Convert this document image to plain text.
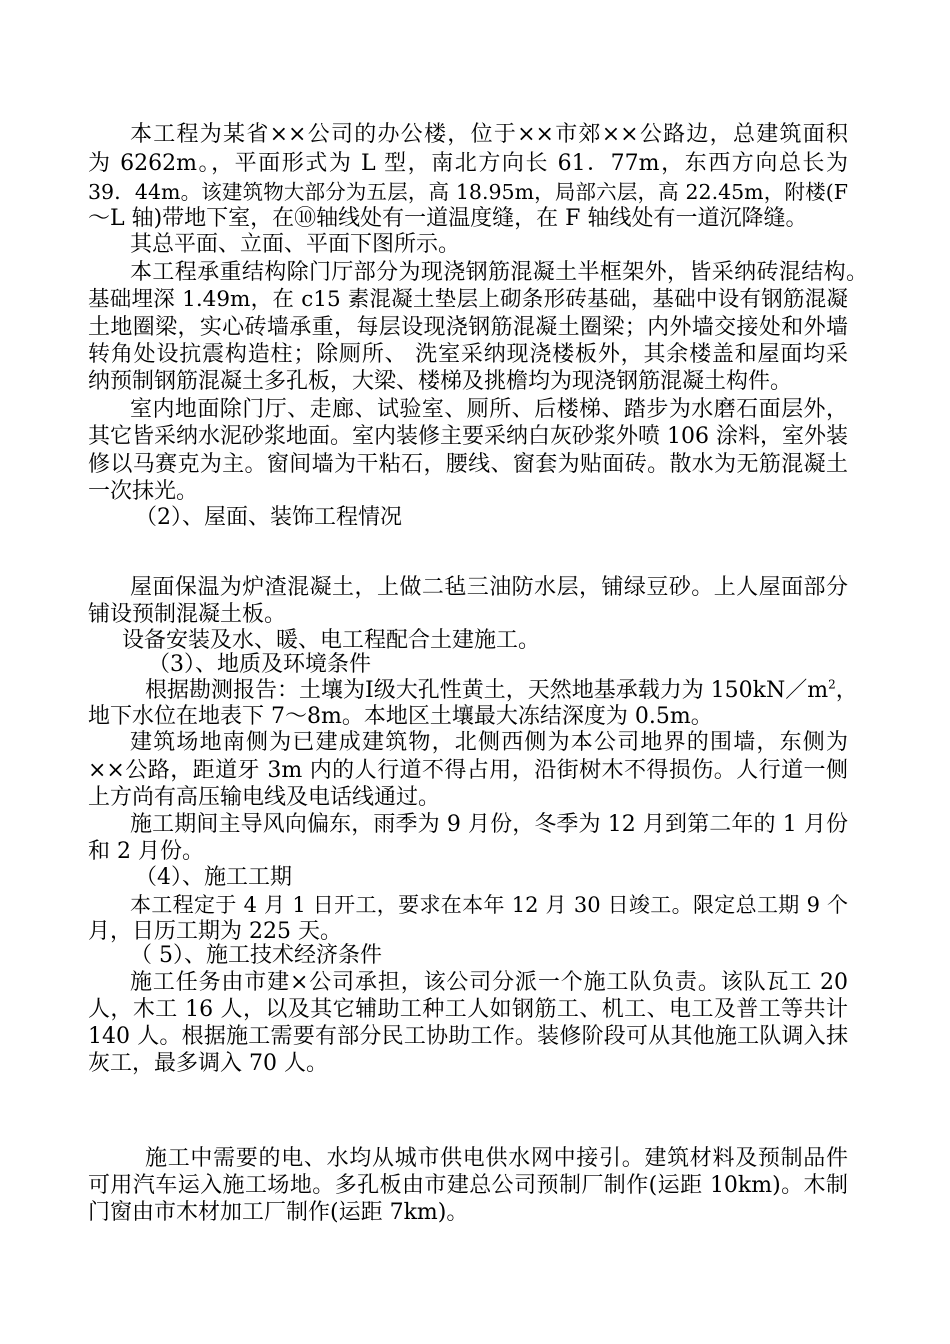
本工程为某省××公司的办公楼，位于××市郊××公路边，总建筑面积
为 6262m。，平面形式为 L 型，南北方向长 61．77m，东西方向总长为
39．44m。该建筑物大部分为五层，高 18.95m，局部六层，高 22.45m，附楼(F
～L 轴)带地下室，在⑩轴线处有一道温度缝，在 F 轴线处有一道沉降缝。
其总平面、立面、平面下图所示。
本工程承重结构除门厅部分为现浇钢筋混凝土半框架外，皆采纳砖混结构。
基础埋深 1.49m，在 c15 素混凝土垫层上砌条形砖基础，基础中设有钢筋混凝
土地圈梁，实心砖墙承重，每层设现浇钢筋混凝土圈梁；内外墙交接处和外墙
转角处设抗震构造柱；除厕所、 洗室采纳现浇楼板外，其余楼盖和屋面均采
纳预制钢筋混凝土多孔板，大梁、楼梯及挑檐均为现浇钢筋混凝土构件。
室内地面除门厅、走廊、试验室、厕所、后楼梯、踏步为水磨石面层外，
其它皆采纳水泥砂浆地面。室内装修主要采纳白灰砂浆外喷 106 涂料，室外装
修以马赛克为主。窗间墙为干粘石，腰线、窗套为贴面砖。散水为无筋混凝土
一次抹光。
（2）、屋面、装饰工程情况
屋面保温为炉渣混凝土，上做二毡三油防水层，铺绿豆砂。上人屋面部分
铺设预制混凝土板。
设备安装及水、暖、电工程配合土建施工。
（3）、地质及环境条件
根据勘测报告：土壤为Ⅰ级大孔性黄土，天然地基承载力为 $150kN/m^2$，
地下水位在地表下 7～8m。本地区土壤最大冻结深度为 0.5m。
建筑场地南侧为已建成建筑物，北侧西侧为本公司地界的围墙，东侧为
××公路，距道牙 3m 内的人行道不得占用，沿街树木不得损伤。人行道一侧
上方尚有高压输电线及电话线通过。
施工期间主导风向偏东，雨季为 9 月份，冬季为 12 月到第二年的 1 月份
和 2 月份。
（4）、施工工期
本工程定于 4 月 1 日开工，要求在本年 12 月 30 日竣工。限定总工期 9 个
月，日历工期为 225 天。
（ 5）、施工技术经济条件
施工任务由市建×公司承担，该公司分派一个施工队负责。该队瓦工 20
人，木工 16 人，以及其它辅助工种工人如钢筋工、机工、电工及普工等共计
140 人。根据施工需要有部分民工协助工作。装修阶段可从其他施工队调入抹
灰工，最多调入 70 人。
施工中需要的电、水均从城市供电供水网中接引。建筑材料及预制品件
可用汽车运入施工场地。多孔板由市建总公司预制厂制作(运距 10km)。木制
门窗由市木材加工厂制作(运距 7km)。
